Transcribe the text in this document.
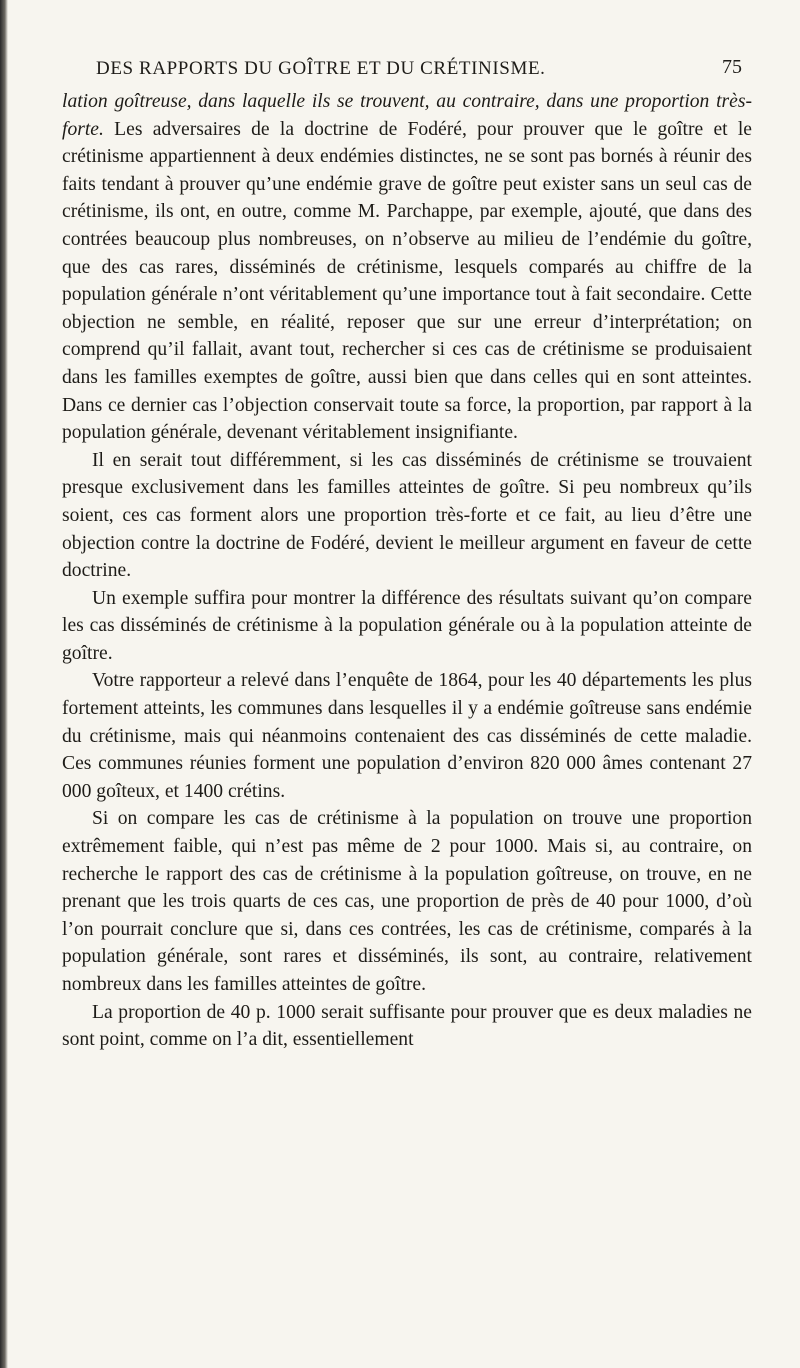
DES RAPPORTS DU GOÎTRE ET DU CRÉTINISME.	75

lation goîtreuse, dans laquelle ils se trouvent, au contraire, dans une proportion très-forte. Les adversaires de la doctrine de Fodéré, pour prouver que le goître et le crétinisme appartiennent à deux endémies distinctes, ne se sont pas bornés à réunir des faits tendant à prouver qu’une endémie grave de goître peut exister sans un seul cas de crétinisme, ils ont, en outre, comme M. Parchappe, par exemple, ajouté, que dans des contrées beaucoup plus nombreuses, on n’observe au milieu de l’endémie du goître, que des cas rares, disséminés de crétinisme, lesquels comparés au chiffre de la population générale n’ont véritablement qu’une importance tout à fait secondaire. Cette objection ne semble, en réalité, reposer que sur une erreur d’interprétation; on comprend qu’il fallait, avant tout, rechercher si ces cas de crétinisme se produisaient dans les familles exemptes de goître, aussi bien que dans celles qui en sont atteintes. Dans ce dernier cas l’objection conservait toute sa force, la proportion, par rapport à la population générale, devenant véritablement insignifiante.

Il en serait tout différemment, si les cas disséminés de crétinisme se trouvaient presque exclusivement dans les familles atteintes de goître. Si peu nombreux qu’ils soient, ces cas forment alors une proportion très-forte et ce fait, au lieu d’être une objection contre la doctrine de Fodéré, devient le meilleur argument en faveur de cette doctrine.

Un exemple suffira pour montrer la différence des résultats suivant qu’on compare les cas disséminés de crétinisme à la population générale ou à la population atteinte de goître.

Votre rapporteur a relevé dans l’enquête de 1864, pour les 40 départements les plus fortement atteints, les communes dans lesquelles il y a endémie goîtreuse sans endémie du crétinisme, mais qui néanmoins contenaient des cas disséminés de cette maladie. Ces communes réunies forment une population d’environ 820 000 âmes contenant 27 000 goîteux, et 1400 crétins.

Si on compare les cas de crétinisme à la population on trouve une proportion extrêmement faible, qui n’est pas même de 2 pour 1000. Mais si, au contraire, on recherche le rapport des cas de crétinisme à la population goîtreuse, on trouve, en ne prenant que les trois quarts de ces cas, une proportion de près de 40 pour 1000, d’où l’on pourrait conclure que si, dans ces contrées, les cas de crétinisme, comparés à la population générale, sont rares et disséminés, ils sont, au contraire, relativement nombreux dans les familles atteintes de goître.

La proportion de 40 p. 1000 serait suffisante pour prouver que es deux maladies ne sont point, comme on l’a dit, essentiellement
